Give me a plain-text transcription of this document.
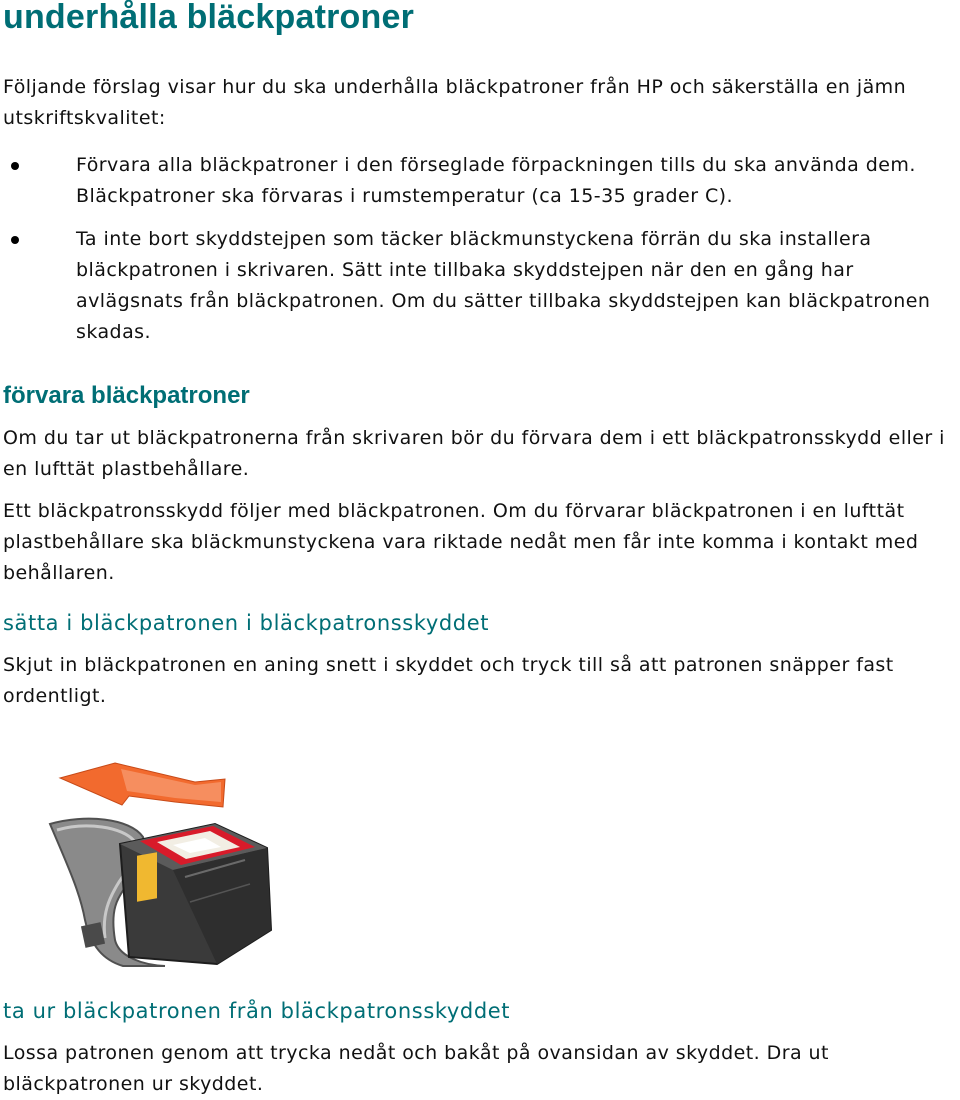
underhålla bläckpatroner

Följande förslag visar hur du ska underhålla bläckpatroner från HP och säkerställa en jämn utskriftskvalitet:

Förvara alla bläckpatroner i den förseglade förpackningen tills du ska använda dem. Bläckpatroner ska förvaras i rumstemperatur (ca 15-35 grader C).

Ta inte bort skyddstejpen som täcker bläckmunstyckena förrän du ska installera bläckpatronen i skrivaren. Sätt inte tillbaka skyddstejpen när den en gång har avlägsnats från bläckpatronen. Om du sätter tillbaka skyddstejpen kan bläckpatronen skadas.

förvara bläckpatroner

Om du tar ut bläckpatronerna från skrivaren bör du förvara dem i ett bläckpatronsskydd eller i en lufttät plastbehållare.

Ett bläckpatronsskydd följer med bläckpatronen. Om du förvarar bläckpatronen i en lufttät plastbehållare ska bläckmunstyckena vara riktade nedåt men får inte komma i kontakt med behållaren.

sätta i bläckpatronen i bläckpatronsskyddet

Skjut in bläckpatronen en aning snett i skyddet och tryck till så att patronen snäpper fast ordentligt.

ta ur bläckpatronen från bläckpatronsskyddet

Lossa patronen genom att trycka nedåt och bakåt på ovansidan av skyddet. Dra ut bläckpatronen ur skyddet.
